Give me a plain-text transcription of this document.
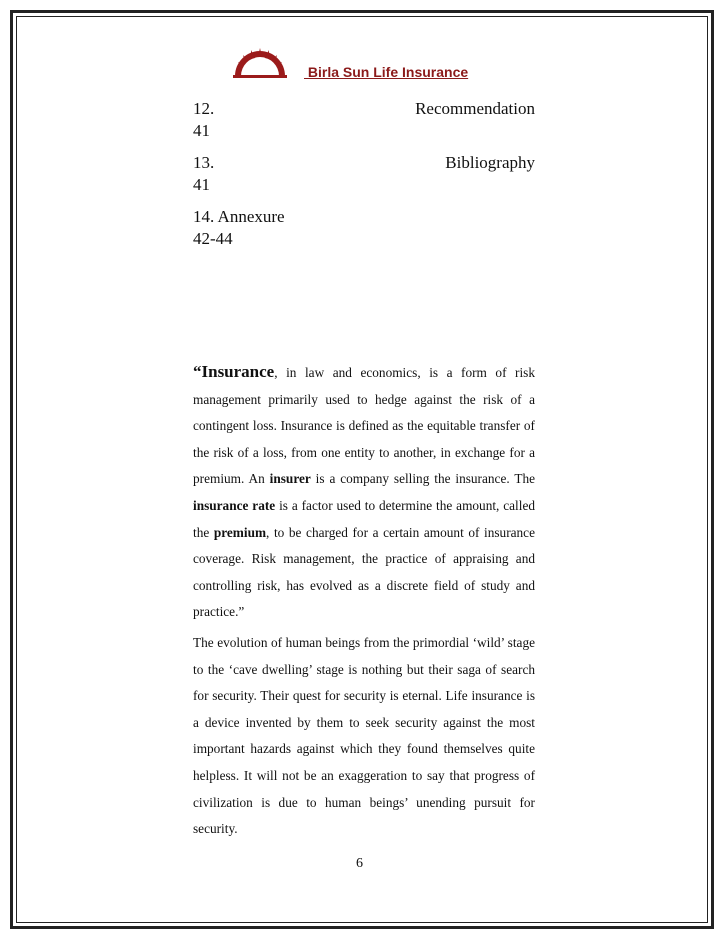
Birla Sun Life Insurance
12.	Recommendation
41
13.	Bibliography
41
14. Annexure
42-44

“Insurance, in law and economics, is a form of risk management primarily used to hedge against the risk of a contingent loss. Insurance is defined as the equitable transfer of the risk of a loss, from one entity to another, in exchange for a premium. An insurer is a company selling the insurance. The insurance rate is a factor used to determine the amount, called the premium, to be charged for a certain amount of insurance coverage. Risk management, the practice of appraising and controlling risk, has evolved as a discrete field of study and practice.”

The evolution of human beings from the primordial ‘wild’ stage to the ‘cave dwelling’ stage is nothing but their saga of search for security. Their quest for security is eternal. Life insurance is a device invented by them to seek security against the most important hazards against which they found themselves quite helpless. It will not be an exaggeration to say that progress of civilization is due to human beings’ unending pursuit for security.

6
